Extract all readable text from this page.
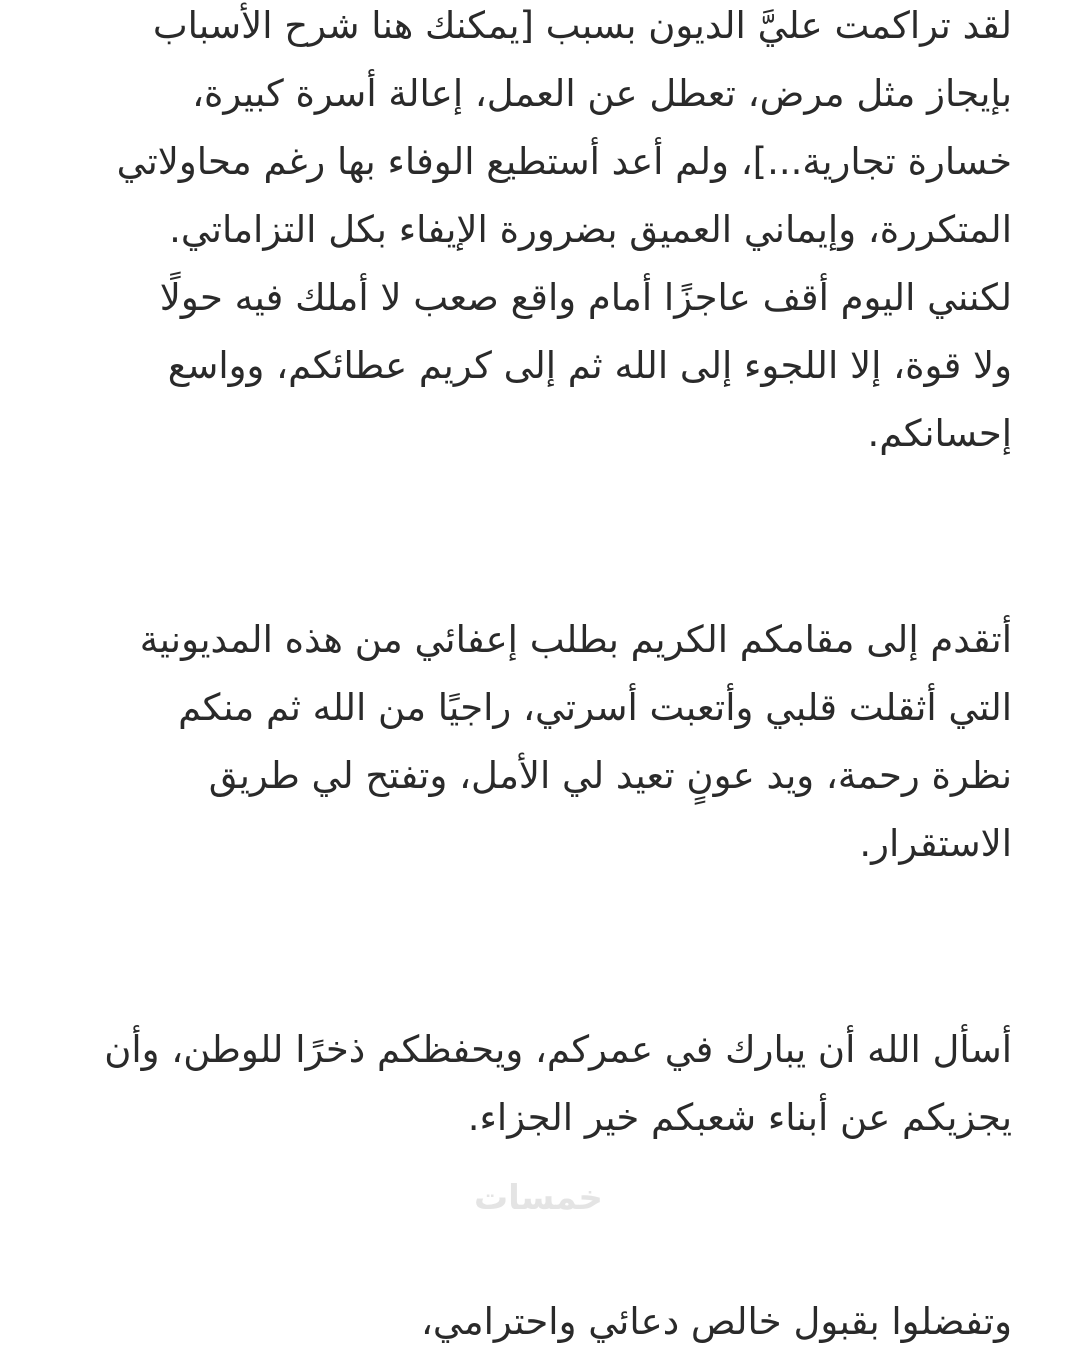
لقد تراكمت عليَّ الديون بسبب [يمكنك هنا شرح الأسباب
بإيجاز مثل مرض، تعطل عن العمل، إعالة أسرة كبيرة،
خسارة تجارية...]، ولم أعد أستطيع الوفاء بها رغم محاولاتي
المتكررة، وإيماني العميق بضرورة الإيفاء بكل التزاماتي.
لكنني اليوم أقف عاجزًا أمام واقع صعب لا أملك فيه حولًا
ولا قوة، إلا اللجوء إلى الله ثم إلى كريم عطائكم، وواسع
إحسانكم.
أتقدم إلى مقامكم الكريم بطلب إعفائي من هذه المديونية
التي أثقلت قلبي وأتعبت أسرتي، راجيًا من الله ثم منكم
نظرة رحمة، ويد عونٍ تعيد لي الأمل، وتفتح لي طريق
الاستقرار.
أسأل الله أن يبارك في عمركم، ويحفظكم ذخرًا للوطن، وأن
يجزيكم عن أبناء شعبكم خير الجزاء.
وتفضلوا بقبول خالص دعائي واحترامي،
خمسات
